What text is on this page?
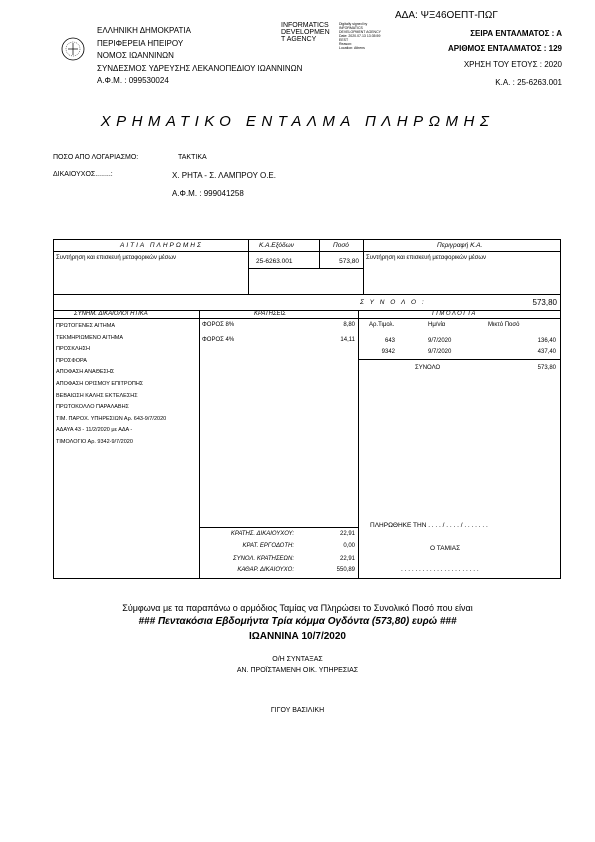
ΕΛΛΗΝΙΚΗ ΔΗΜΟΚΡΑΤΙΑ
ΠΕΡΙΦΕΡΕΙΑ ΗΠΕΙΡΟΥ
ΝΟΜΟΣ ΙΩΑΝΝΙΝΩΝ
ΣΥΝΔΕΣΜΟΣ ΥΔΡΕΥΣΗΣ ΛΕΚΑΝΟΠΕΔΙΟΥ ΙΩΑΝΝΙΝΩΝ
Α.Φ.Μ. : 099530024
INFORMATICS
DEVELOPMEN
T AGENCY
Digitally signed by
INFORMATICS
DEVELOPMENT AGENCY
Date: 2020.07.13 13:35:59
EEST
Reason:
Location: Athens
ΑΔΑ: ΨΞ46ΟΕΠΤ-ΠΩΓ
ΣΕΙΡΑ ΕΝΤΑΛΜΑΤΟΣ : Α
ΑΡΙΘΜΟΣ ΕΝΤΑΛΜΑΤΟΣ : 129
ΧΡΗΣΗ ΤΟΥ ΕΤΟΥΣ : 2020
Κ.Α. : 25-6263.001
ΧΡΗΜΑΤΙΚΟ ΕΝΤΑΛΜΑ ΠΛΗΡΩΜΗΣ
ΠΟΣΟ ΑΠΟ ΛΟΓΑΡΙΑΣΜΟ:	ΤΑΚΤΙΚΑ
ΔΙΚΑΙΟΥΧΟΣ........:	Χ. ΡΗΤΑ - Σ. ΛΑΜΠΡΟΥ Ο.Ε.
Α.Φ.Μ. : 999041258
ΑΙΤΙΑ ΠΛΗΡΩΜΗΣ	Κ.Α.Εξόδων	Ποσό	Περιγραφή Κ.Α.
Συντήρηση και επισκευή μεταφορικών μέσων	25-6263.001	573,80 Συντήρηση και επισκευή μεταφορικών μέσων
Σ Υ Ν Ο Λ Ο :	573,80
ΣΥΝΗΜ. ΔΙΚΑΙΟΛΟΓΗΤΙΚΑ	ΚΡΑΤΗΣΕΙΣ	ΤΙΜΟΛΟΓΙΑ
ΠΡΩΤΟΓΕΝΕΣ ΑΙΤΗΜΑ
ΤΕΚΜΗΡΙΩΜΕΝΟ ΑΙΤΗΜΑ
ΠΡΟΣΚΛΗΣΗ
ΠΡΟΣΦΟΡΑ
ΑΠΟΦΑΣΗ ΑΝΑΘΕΣΗΣ
ΑΠΟΦΑΣΗ ΟΡΙΣΜΟΥ ΕΠΙΤΡΟΠΗΣ
ΒΕΒΑΙΩΣΗ ΚΑΛΗΣ ΕΚΤΕΛΕΣΗΣ
ΠΡΩΤΟΚΟΛΛΟ ΠΑΡΑΛΑΒΗΣ
ΤΙΜ. ΠΑΡΟΧ. ΥΠΗΡΕΣΙΩΝ Αρ. 643-9/7/2020
ΑΔΑΥΑ 43 - 11/2/2020 με ΑΔΑ -
ΤΙΜΟΛΟΓΙΟ Αρ. 9342-9/7/2020
ΦΟΡΟΣ 8%	8,80
ΦΟΡΟΣ 4%	14,11
Αρ.Τιμολ.	Ημ/νία	Μικτό Ποσό
643	9/7/2020	136,40
9342	9/7/2020	437,40
ΣΥΝΟΛΟ	573,80
ΚΡΑΤΗΣ. ΔΙΚΑΙΟΥΧΟΥ:	22,91
ΚΡΑΤ. ΕΡΓΟΔΟΤΗ:	0,00
ΣΥΝΟΛ. ΚΡΑΤΗΣΕΩΝ:	22,91
ΚΑΘΑΡ. ΔΙΚΑΙΟΥΧΟ:	550,89
ΠΛΗΡΩΘΗΚΕ ΤΗΝ . . . . / . . . . / . . . . . . .
Ο ΤΑΜΙΑΣ
. . . . . . . . . . . . . . . . . . . . . .
Σύμφωνα με τα παραπάνω ο αρμόδιος Ταμίας να Πληρώσει το Συνολικό Ποσό που είναι
### Πεντακόσια Εβδομήντα Τρία κόμμα Ογδόντα (573,80) ευρώ ###
ΙΩΑΝΝΙΝΑ 10/7/2020
Ο/Η ΣΥΝΤΑΞΑΣ
ΑΝ. ΠΡΟΪΣΤΑΜΕΝΗ ΟΙΚ. ΥΠΗΡΕΣΙΑΣ
ΓΙΓΟΥ ΒΑΣΙΛΙΚΗ
